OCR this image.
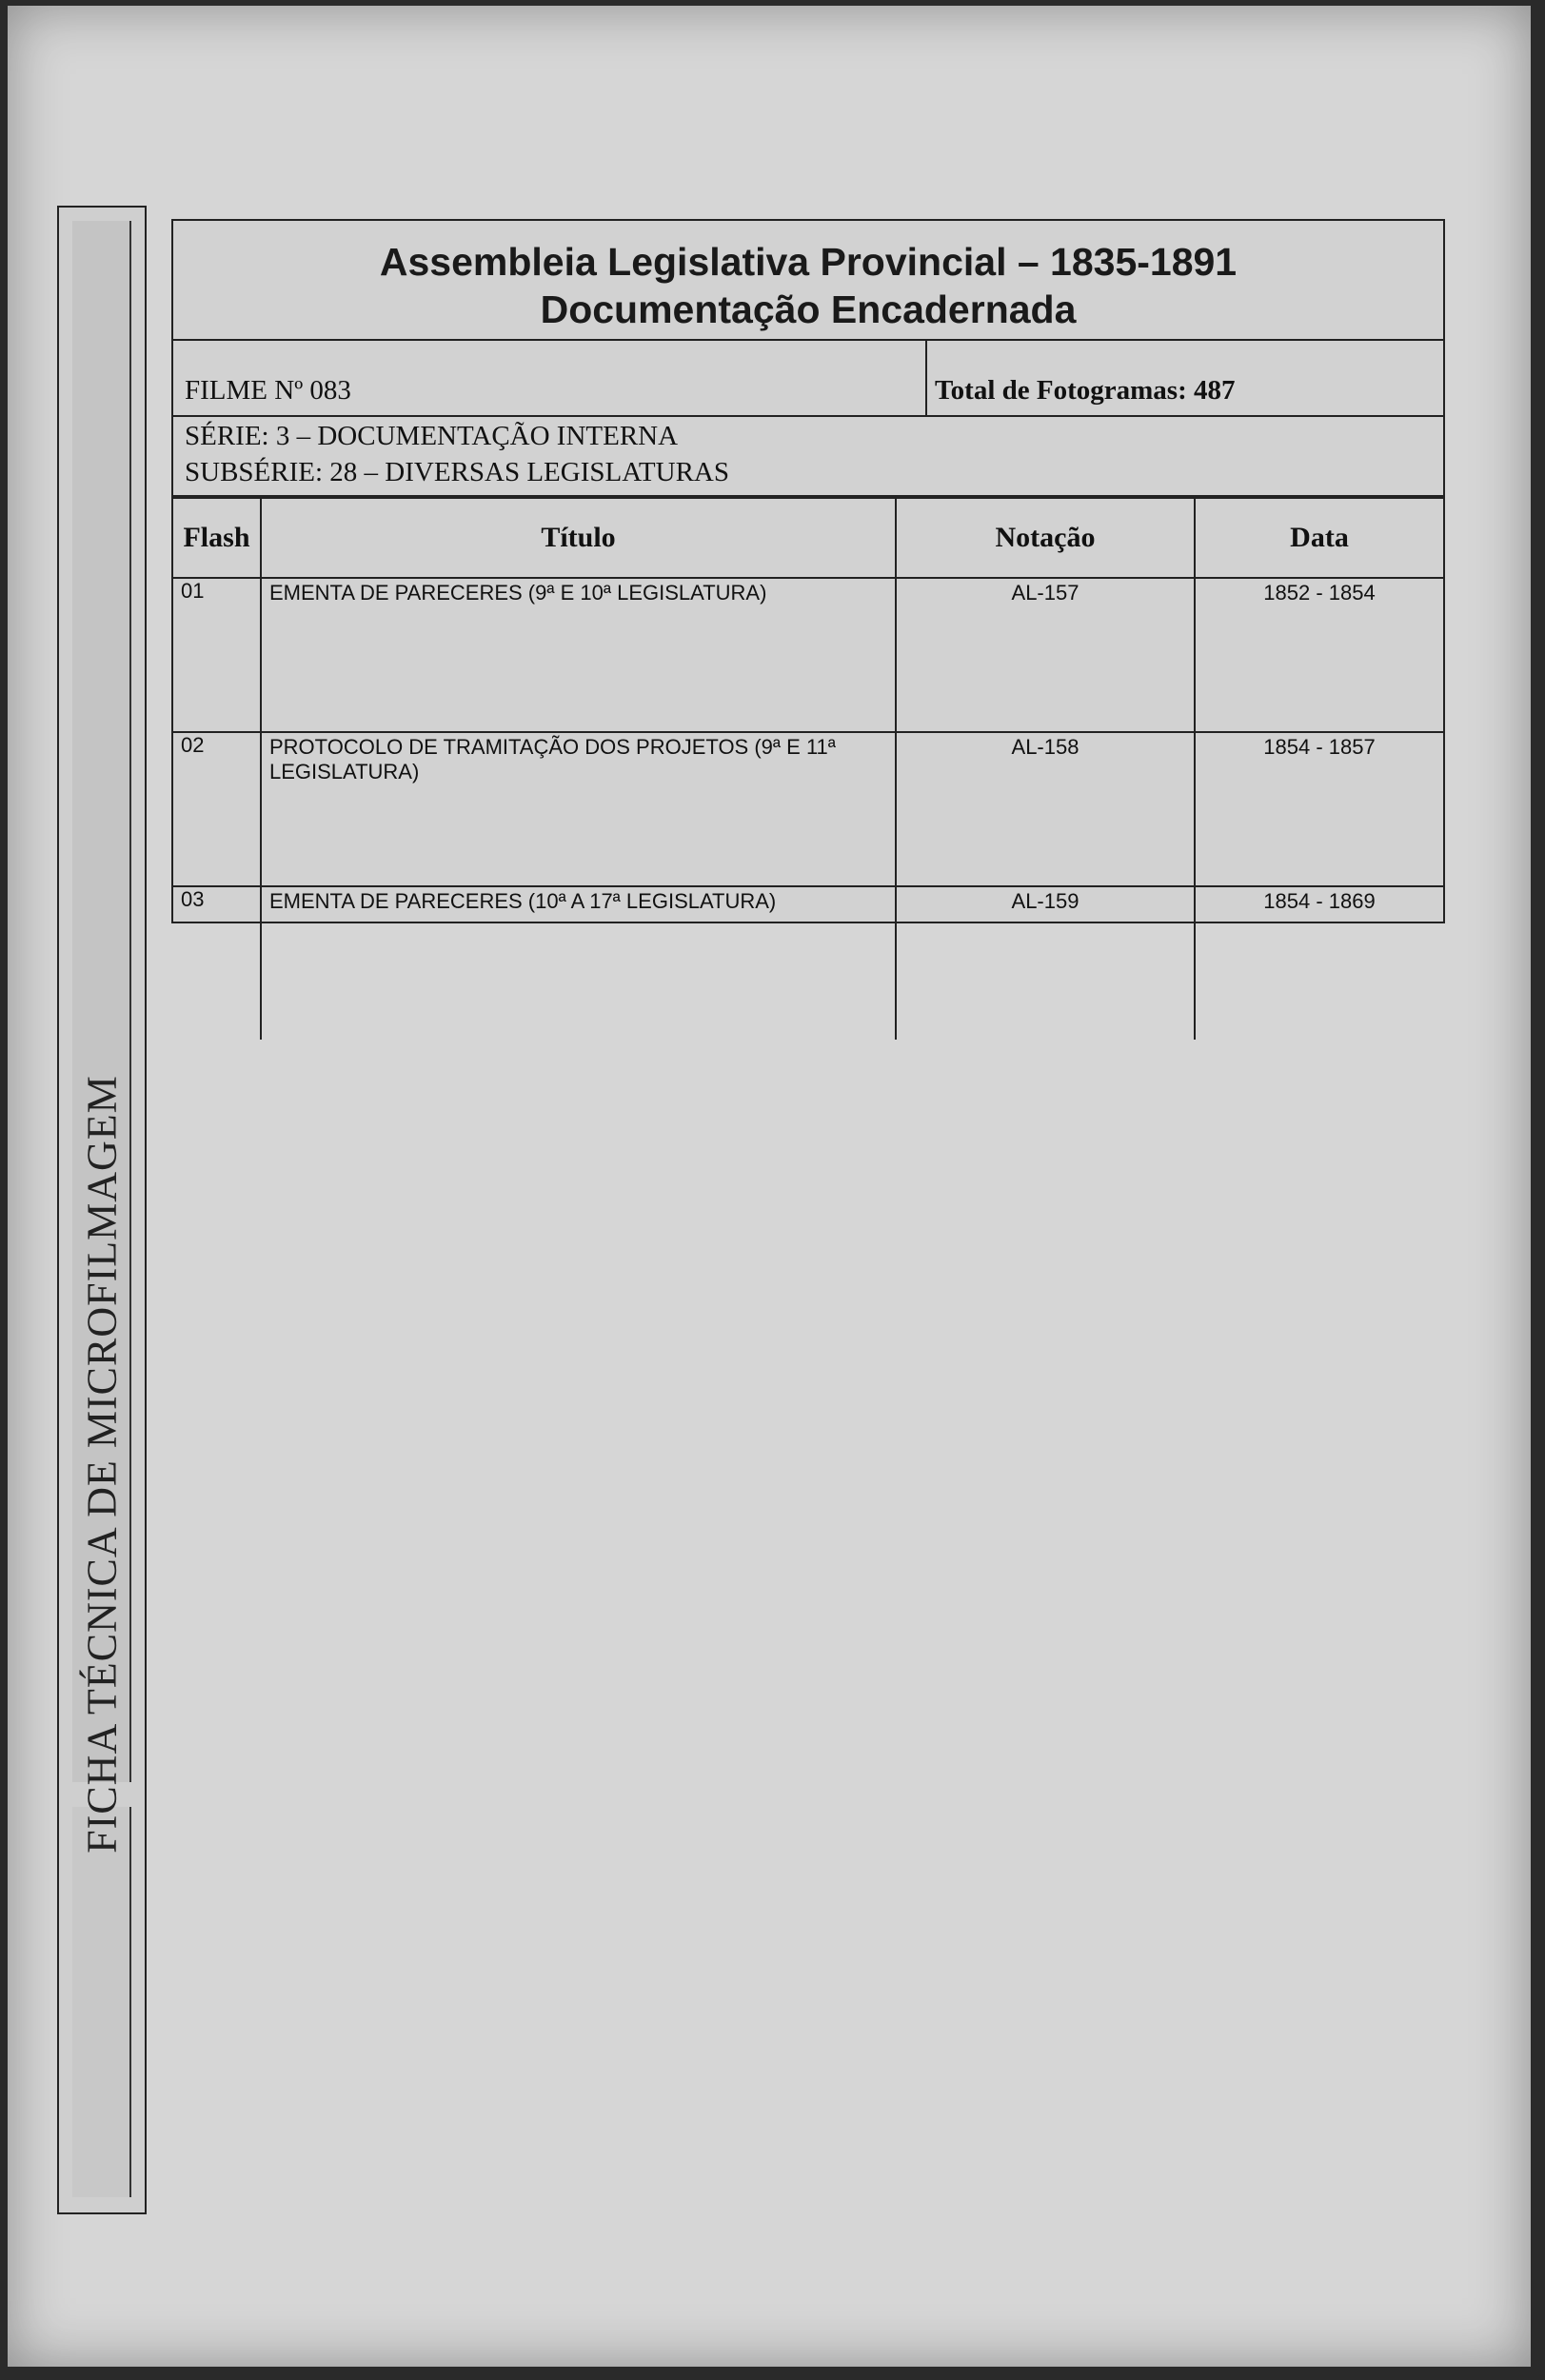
FICHA TÉCNICA DE MICROFILMAGEM
Assembleia Legislativa Provincial – 1835-1891
Documentação Encadernada
FILME Nº 083	Total de Fotogramas: 487
SÉRIE: 3 – DOCUMENTAÇÃO INTERNA
SUBSÉRIE: 28 – DIVERSAS LEGISLATURAS
Flash	Título	Notação	Data
01	EMENTA DE PARECERES (9ª E 10ª LEGISLATURA)	AL-157	1852 - 1854
02	PROTOCOLO DE TRAMITAÇÃO DOS PROJETOS (9ª E 11ª LEGISLATURA)	AL-158	1854 - 1857
03	EMENTA DE PARECERES (10ª A 17ª LEGISLATURA)	AL-159	1854 - 1869
